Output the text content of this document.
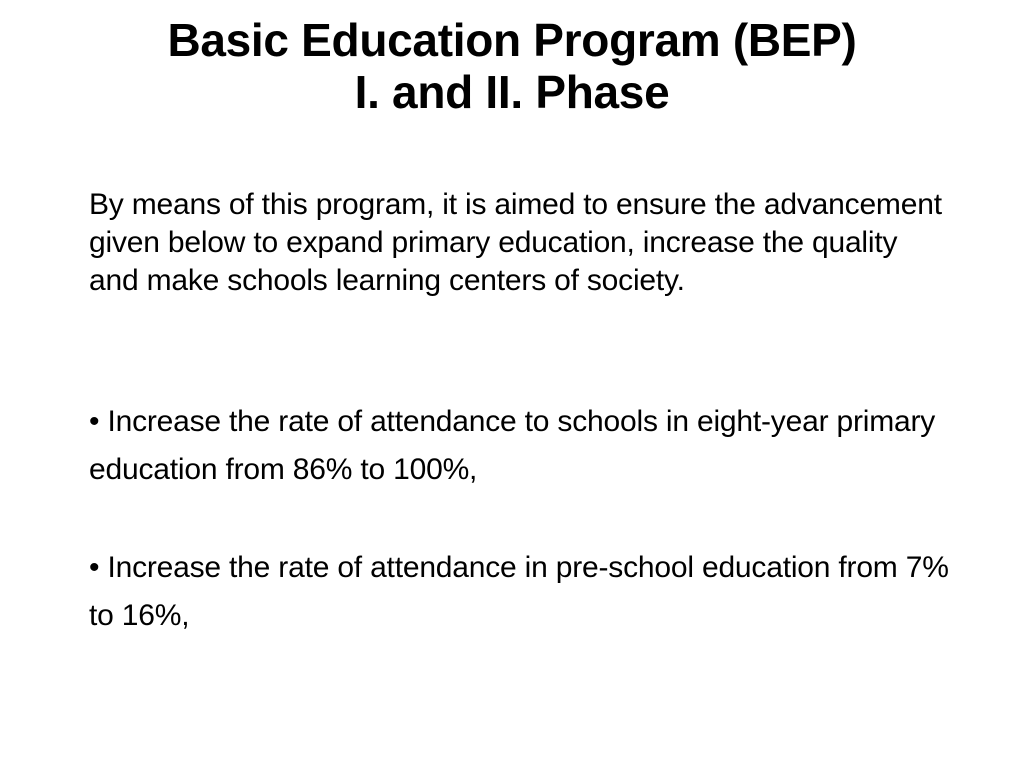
Basic Education Program (BEP)
I. and II. Phase
By means of this program, it is aimed to ensure the advancement given below to expand primary education, increase the quality and make schools learning centers of society.
• Increase the rate of attendance to schools in eight-year primary education from 86% to 100%,
• Increase the rate of attendance in pre-school education from 7% to 16%,
